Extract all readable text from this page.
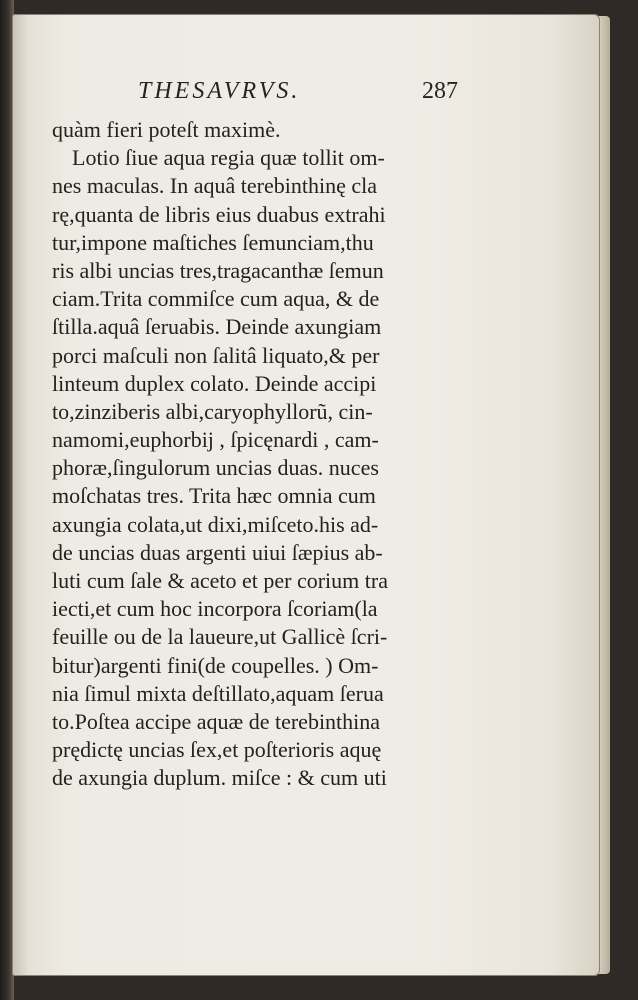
THESAVRVS.	287
quàm fieri poteſt maximè.
Lotio ſiue aqua regia quæ tollit om-
nes maculas. In aquâ terebinthinę cla
rę,quanta de libris eius duabus extrahi
tur,impone maſtiches ſemunciam,thu
ris albi uncias tres,tragacanthæ ſemun
ciam.Trita commiſce cum aqua, & de
ſtilla.aquâ ſeruabis. Deinde axungiam
porci maſculi non ſalitâ liquato,& per
linteum duplex colato. Deinde accipi
to,zinziberis albi,caryophyllorũ, cin-
namomi,euphorbij , ſpicęnardi , cam-
phoræ,ſingulorum uncias duas. nuces
moſchatas tres. Trita hæc omnia cum
axungia colata,ut dixi,miſceto.his ad-
de uncias duas argenti uiui ſæpius ab-
luti cum ſale & aceto et per corium tra
iecti,et cum hoc incorpora ſcoriam(la
feuille ou de la laueure,ut Gallicè ſcri-
bitur)argenti fini(de coupelles. ) Om-
nia ſimul mixta deſtillato,aquam ſerua
to.Poſtea accipe aquæ de terebinthina
prędictę uncias ſex,et poſterioris aquę
de axungia duplum. miſce : & cum uti
